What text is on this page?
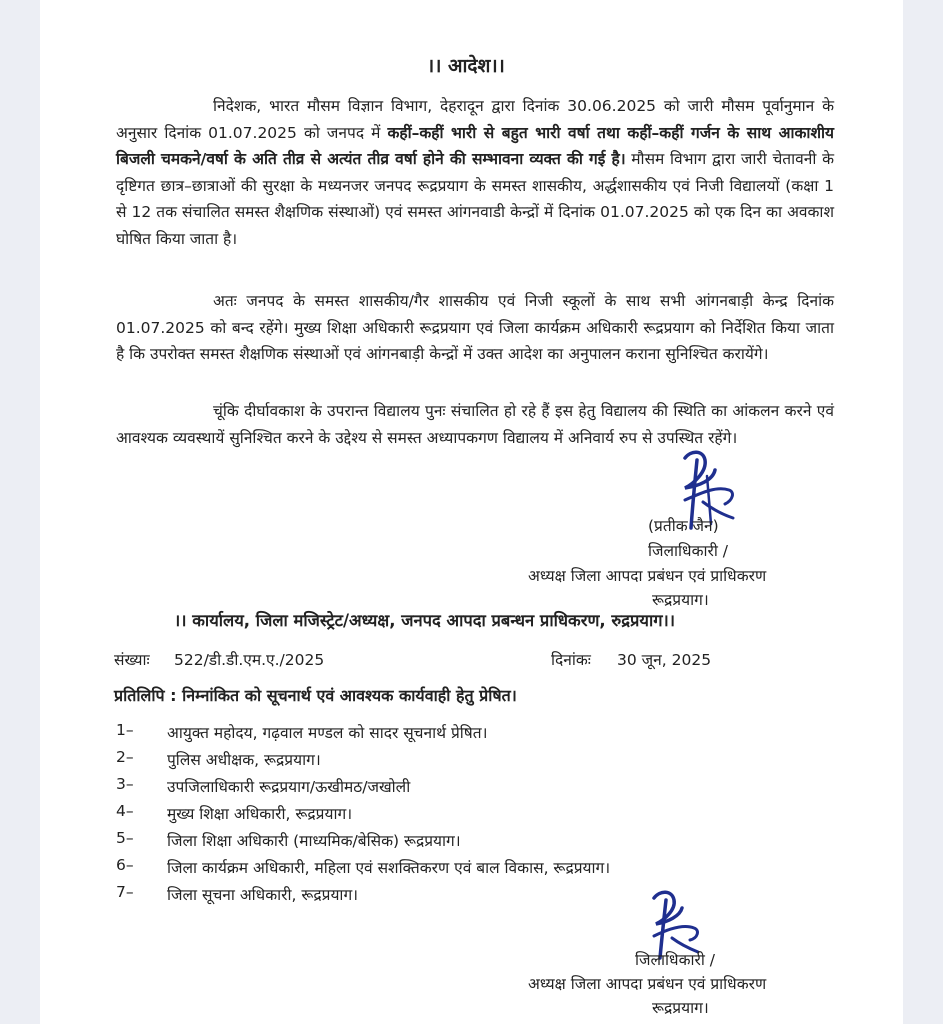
।। आदेश।।
निदेशक, भारत मौसम विज्ञान विभाग, देहरादून द्वारा दिनांक 30.06.2025 को जारी मौसम पूर्वानुमान के अनुसार दिनांक 01.07.2025 को जनपद में कहीं–कहीं भारी से बहुत भारी वर्षा तथा कहीं–कहीं गर्जन के साथ आकाशीय बिजली चमकने/वर्षा के अति तीव्र से अत्यंत तीव्र वर्षा होने की सम्भावना व्यक्त की गई है। मौसम विभाग द्वारा जारी चेतावनी के दृष्टिगत छात्र–छात्राओं की सुरक्षा के मध्यनजर जनपद रूद्रप्रयाग के समस्त शासकीय, अर्द्धशासकीय एवं निजी विद्यालयों (कक्षा 1 से 12 तक संचालित समस्त शैक्षणिक संस्थाओं) एवं समस्त आंगनवाडी केन्द्रों में दिनांक 01.07.2025 को एक दिन का अवकाश घोषित किया जाता है।
अतः जनपद के समस्त शासकीय/गैर शासकीय एवं निजी स्कूलों के साथ सभी आंगनबाड़ी केन्द्र दिनांक 01.07.2025 को बन्द रहेंगे। मुख्य शिक्षा अधिकारी रूद्रप्रयाग एवं जिला कार्यक्रम अधिकारी रूद्रप्रयाग को निर्देशित किया जाता है कि उपरोक्त समस्त शैक्षणिक संस्थाओं एवं आंगनबाड़ी केन्द्रों में उक्त आदेश का अनुपालन कराना सुनिश्चित करायेंगे।
चूंकि दीर्घावकाश के उपरान्त विद्यालय पुनः संचालित हो रहे हैं इस हेतु विद्यालय की स्थिति का आंकलन करने एवं आवश्यक व्यवस्थायें सुनिश्चित करने के उद्देश्य से समस्त अध्यापकगण विद्यालय में अनिवार्य रुप से उपस्थित रहेंगे।
(प्रतीक जैन)
जिलाधिकारी /
अध्यक्ष जिला आपदा प्रबंधन एवं प्राधिकरण
रूद्रप्रयाग।
।। कार्यालय, जिला मजिस्ट्रेट/अध्यक्ष, जनपद आपदा प्रबन्धन प्राधिकरण, रुद्रप्रयाग।।
संख्याः 522/डी.डी.एम.ए./2025	दिनांकः 30 जून, 2025
प्रतिलिपि : निम्नांकित को सूचनार्थ एवं आवश्यक कार्यवाही हेतु प्रेषित।
1– आयुक्त महोदय, गढ़वाल मण्डल को सादर सूचनार्थ प्रेषित।
2– पुलिस अधीक्षक, रूद्रप्रयाग।
3– उपजिलाधिकारी रूद्रप्रयाग/ऊखीमठ/जखोली
4– मुख्य शिक्षा अधिकारी, रूद्रप्रयाग।
5– जिला शिक्षा अधिकारी (माध्यमिक/बेसिक) रूद्रप्रयाग।
6– जिला कार्यक्रम अधिकारी, महिला एवं सशक्तिकरण एवं बाल विकास, रूद्रप्रयाग।
7– जिला सूचना अधिकारी, रूद्रप्रयाग।
जिलाधिकारी /
अध्यक्ष जिला आपदा प्रबंधन एवं प्राधिकरण
रूद्रप्रयाग।
